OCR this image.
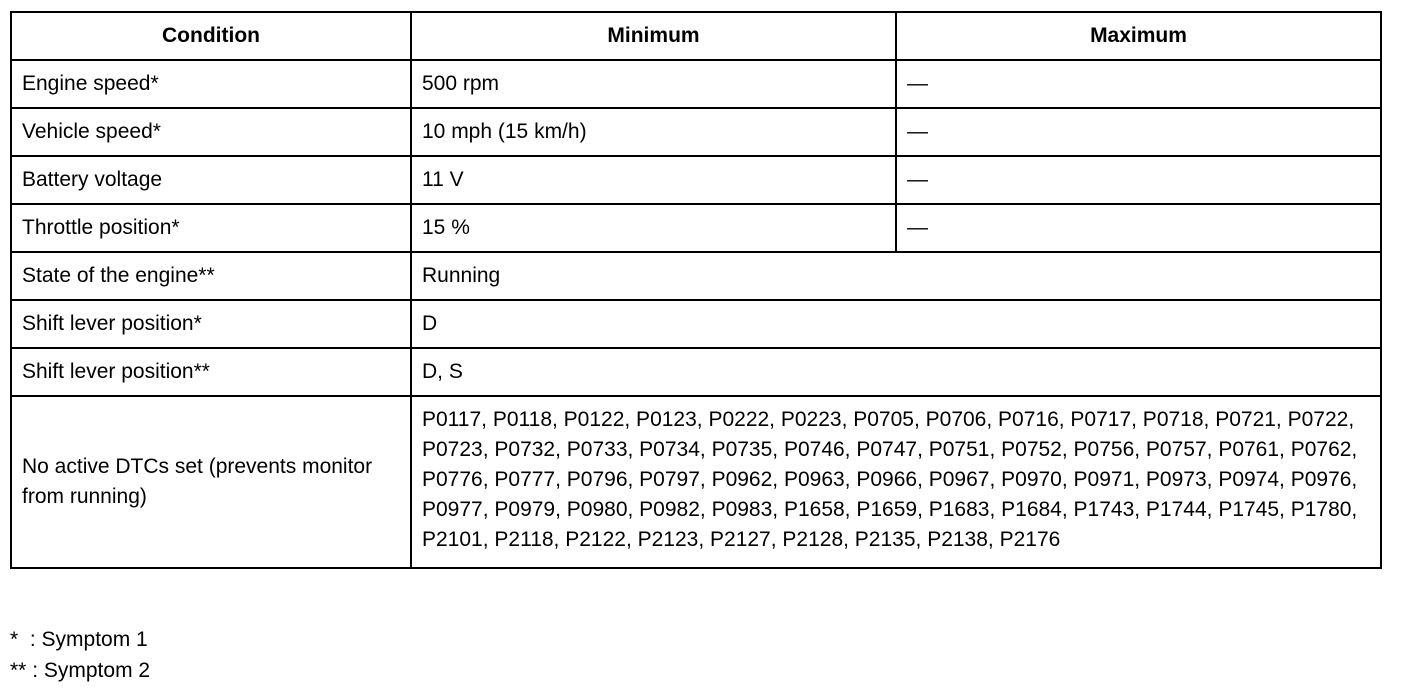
Condition	Minimum	Maximum
Engine speed*	500 rpm	—
Vehicle speed*	10 mph (15 km/h)	—
Battery voltage	11 V	—
Throttle position*	15 %	—
State of the engine**	Running	
Shift lever position*	D	
Shift lever position**	D, S	
No active DTCs set (prevents monitor from running)	P0117, P0118, P0122, P0123, P0222, P0223, P0705, P0706, P0716, P0717, P0718, P0721, P0722, P0723, P0732, P0733, P0734, P0735, P0746, P0747, P0751, P0752, P0756, P0757, P0761, P0762, P0776, P0777, P0796, P0797, P0962, P0963, P0966, P0967, P0970, P0971, P0973, P0974, P0976, P0977, P0979, P0980, P0982, P0983, P1658, P1659, P1683, P1684, P1743, P1744, P1745, P1780, P2101, P2118, P2122, P2123, P2127, P2128, P2135, P2138, P2176	
*  : Symptom 1
** : Symptom 2
